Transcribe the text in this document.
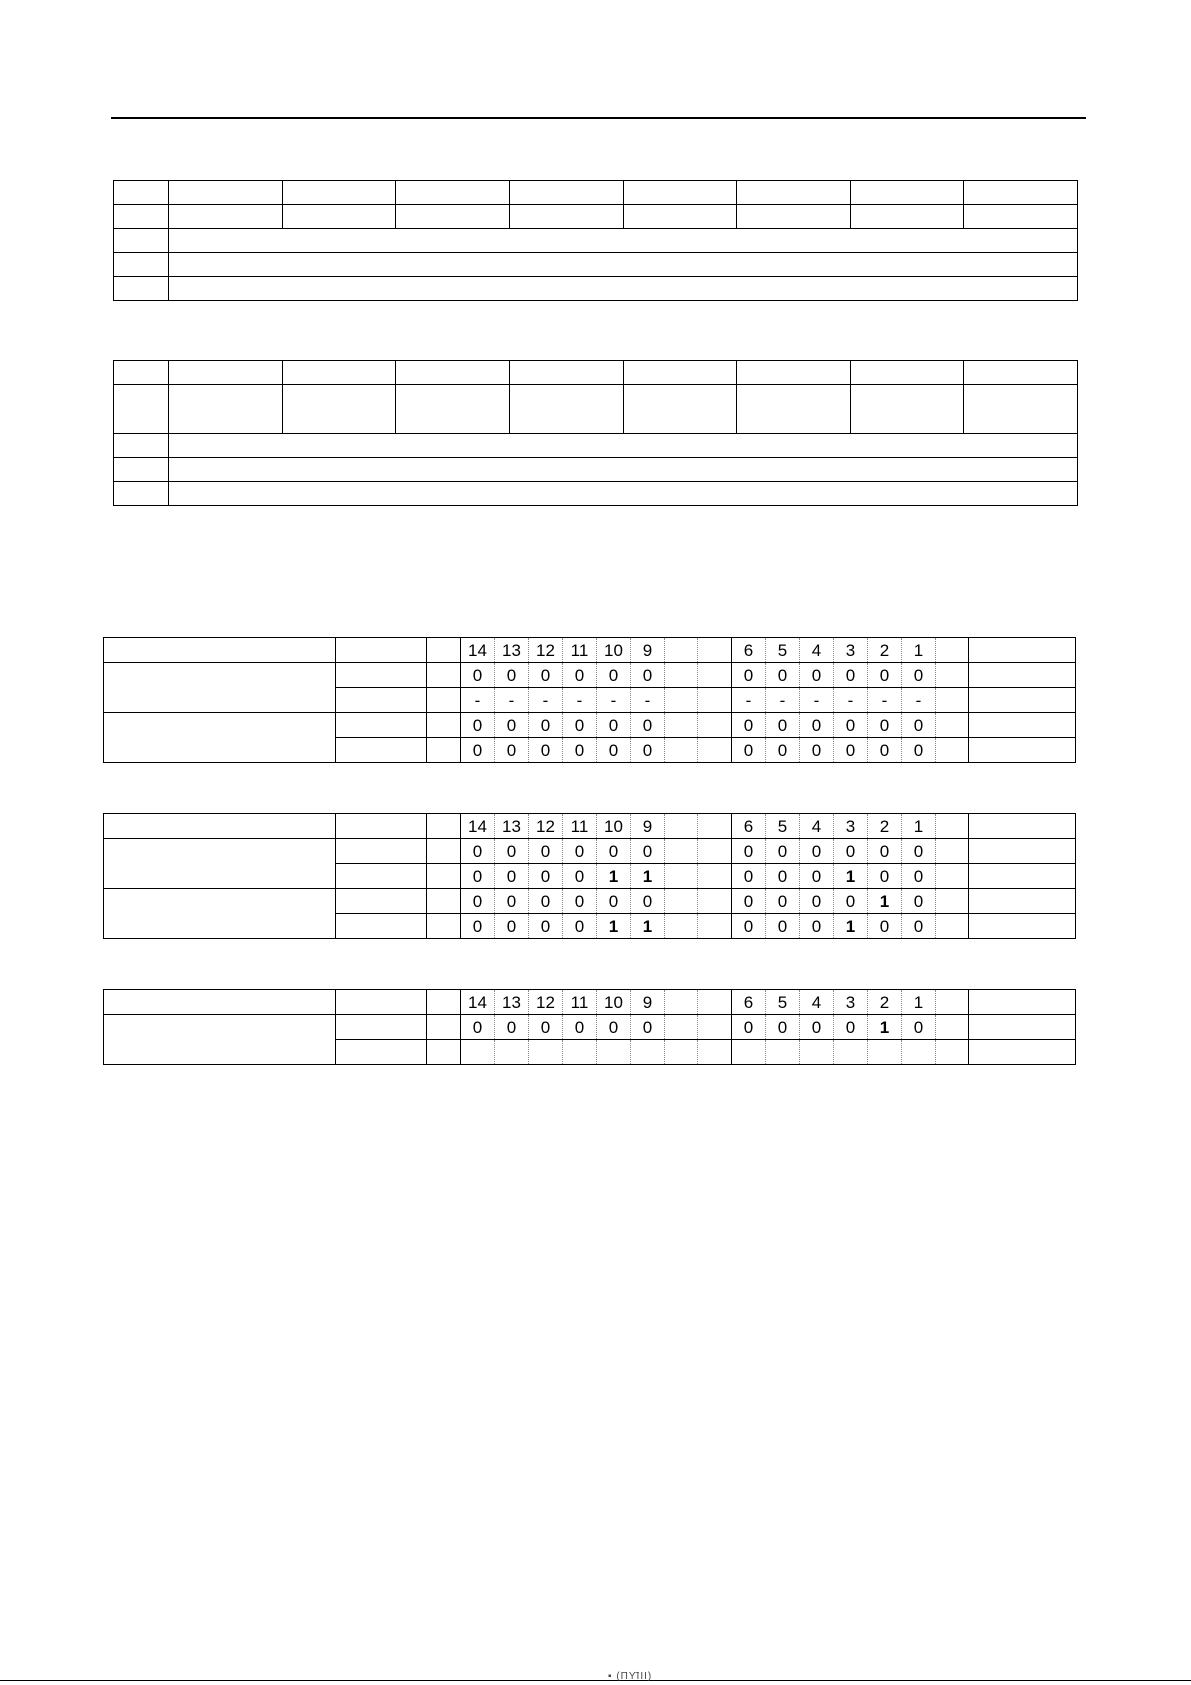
			14	13	12	11	10	9			6	5	4	3	2	1		
			0	0	0	0	0	0			0	0	0	0	0	0		
			-	-	-	-	-	-			-	-	-	-	-	-		
			0	0	0	0	0	0			0	0	0	0	0	0		
			0	0	0	0	0	0			0	0	0	0	0	0		
			14	13	12	11	10	9			6	5	4	3	2	1		
			0	0	0	0	0	0			0	0	0	0	0	0		
			0	0	0	0	1	1			0	0	0	1	0	0		
			0	0	0	0	0	0			0	0	0	0	1	0		
			0	0	0	0	1	1			0	0	0	1	0	0		
			14	13	12	11	10	9			6	5	4	3	2	1		
			0	0	0	0	0	0			0	0	0	0	1	0		

▪ (ΠΥ̃ΙΙΙ)
